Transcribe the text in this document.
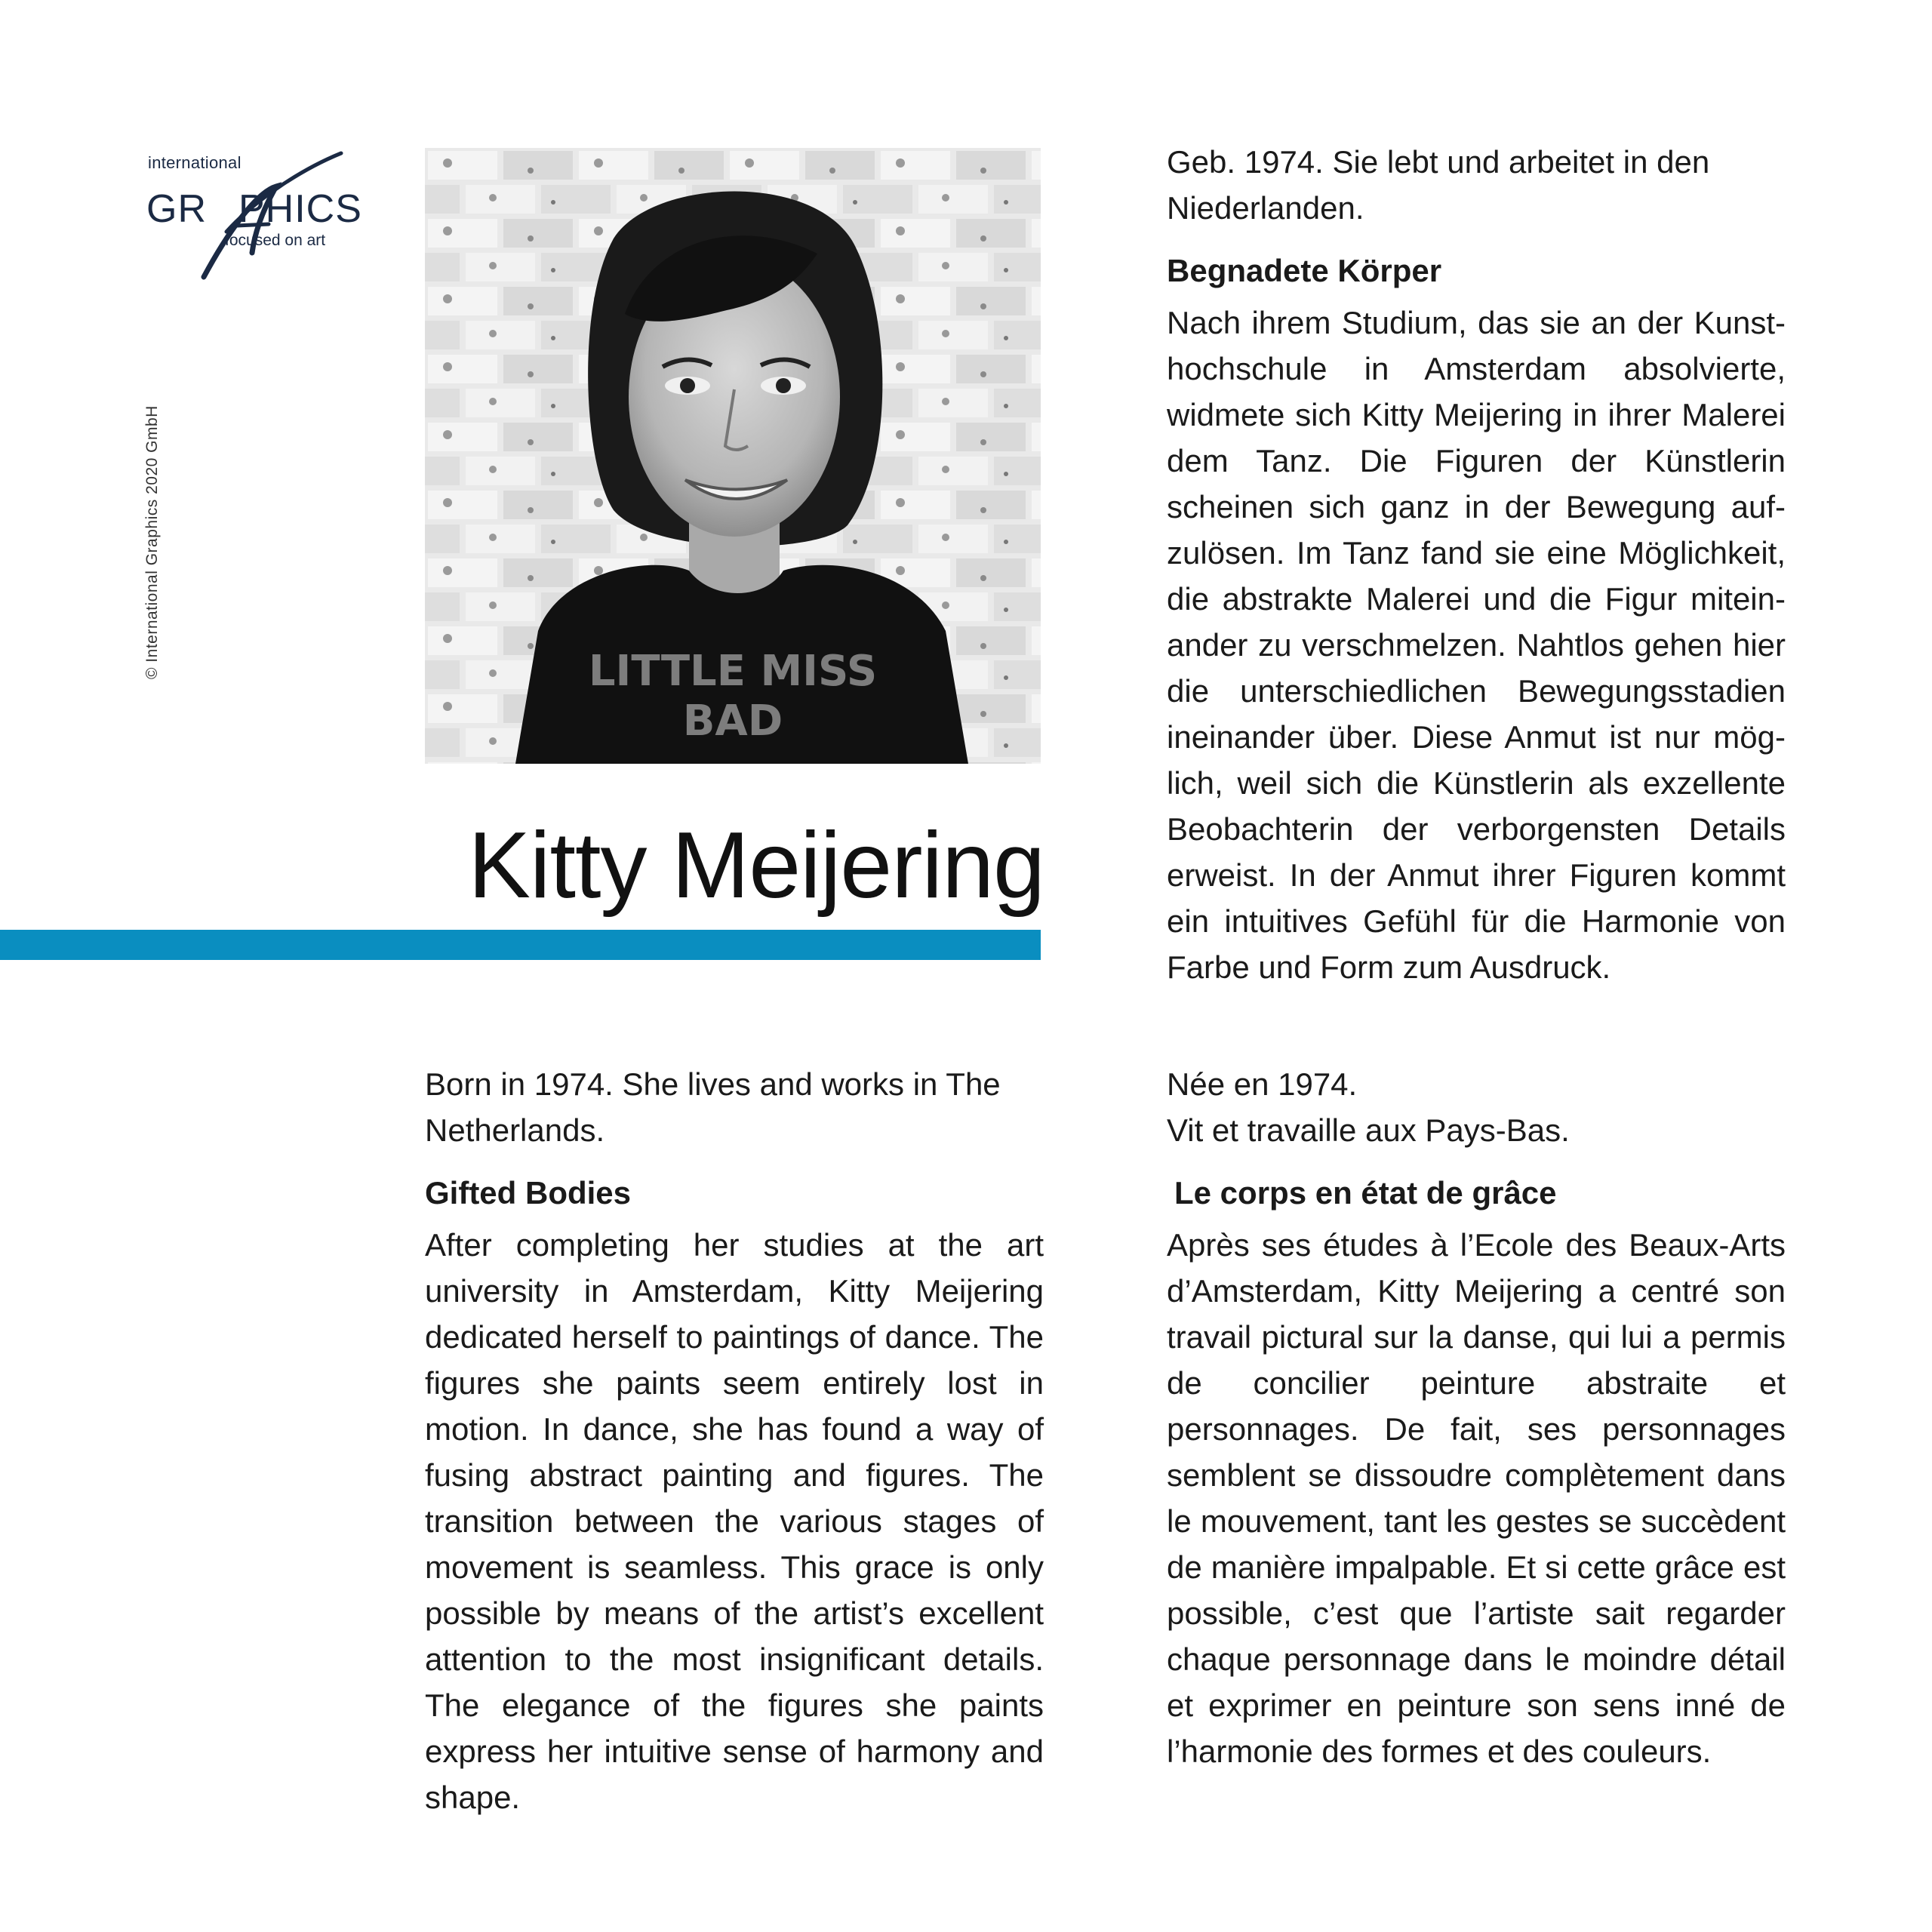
international
GR PHICS
focused on art
© International Graphics 2020 GmbH	LITTLE MISS
BAD
Kitty Meijering

Geb. 1974. Sie lebt und arbeitet in den Niederlanden.

Begnadete Körper

Nach ihrem Studium, das sie an der Kunsthochschule in Amsterdam absolvierte, widmete sich Kitty Meijering in ihrer Malerei dem Tanz. Die Figuren der Künstlerin scheinen sich ganz in der Bewegung aufzulösen. Im Tanz fand sie eine Möglichkeit, die abstrakte Malerei und die Figur miteinander zu verschmelzen. Nahtlos gehen hier die unterschiedlichen Bewegungsstadien ineinander über. Diese Anmut ist nur möglich, weil sich die Künstlerin als exzellente Beobachterin der verborgensten Details erweist. In der Anmut ihrer Figuren kommt ein intuitives Gefühl für die Harmonie von Farbe und Form zum Ausdruck.

Born in 1974. She lives and works in The Netherlands.

Gifted Bodies

After completing her studies at the art university in Amsterdam, Kitty Meijering dedicated herself to paintings of dance. The figures she paints seem entirely lost in motion. In dance, she has found a way of fusing abstract painting and figures. The transition between the various stages of movement is seamless. This grace is only possible by means of the artist’s excellent attention to the most insignificant details. The elegance of the figures she paints express her intuitive sense of harmony and shape.

Née en 1974.
Vit et travaille aux Pays-Bas.

Le corps en état de grâce

Après ses études à l’Ecole des Beaux-Arts d’Amsterdam, Kitty Meijering a centré son travail pictural sur la danse, qui lui a permis de concilier peinture abstraite et personnages. De fait, ses personnages semblent se dissoudre complètement dans le mouvement, tant les gestes se succèdent de manière impalpable. Et si cette grâce est possible, c’est que l’artiste sait regarder chaque personnage dans le moindre détail et exprimer en peinture son sens inné de l’harmonie des formes et des couleurs.
